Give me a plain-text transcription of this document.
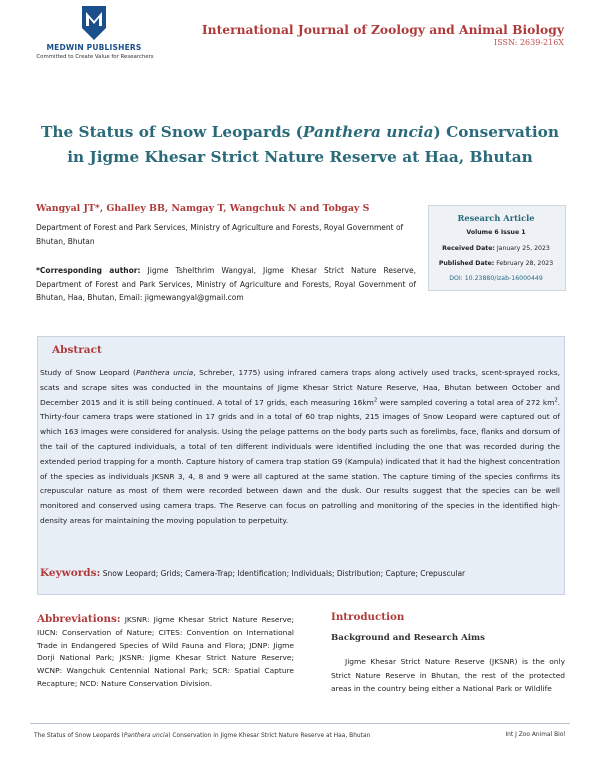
MEDWIN PUBLISHERS
Committed to Create Value for Researchers
International Journal of Zoology and Animal Biology
ISSN: 2639-216X
The Status of Snow Leopards (Panthera uncia) Conservation in Jigme Khesar Strict Nature Reserve at Haa, Bhutan
Wangyal JT*, Ghalley BB, Namgay T, Wangchuk N and Tobgay S
Department of Forest and Park Services, Ministry of Agriculture and Forests, Royal Government of Bhutan, Bhutan
*Corresponding author: Jigme Tshelthrim Wangyal, Jigme Khesar Strict Nature Reserve, Department of Forest and Park Services, Ministry of Agriculture and Forests, Royal Government of Bhutan, Haa, Bhutan, Email: jigmewangyal@gmail.com
Research Article
Volume 6 Issue 1
Received Date: January 25, 2023
Published Date: February 28, 2023
DOI: 10.23880/izab-16000449
Abstract
Study of Snow Leopard (Panthera uncia, Schreber, 1775) using infrared camera traps along actively used tracks, scent-sprayed rocks, scats and scrape sites was conducted in the mountains of Jigme Khesar Strict Nature Reserve, Haa, Bhutan between October and December 2015 and it is still being continued. A total of 17 grids, each measuring $16km^2$ were sampled covering a total area of 272 $km^2$. Thirty-four camera traps were stationed in 17 grids and in a total of 60 trap nights, 215 images of Snow Leopard were captured out of which 163 images were considered for analysis. Using the pelage patterns on the body parts such as forelimbs, face, flanks and dorsum of the tail of the captured individuals, a total of ten different individuals were identified including the one that was recorded during the extended period trapping for a month. Capture history of camera trap station G9 (Kampula) indicated that it had the highest concentration of the species as individuals JKSNR 3, 4, 8 and 9 were all captured at the same station. The capture timing of the species confirms its crepuscular nature as most of them were recorded between dawn and the dusk. Our results suggest that the species can be well monitored and conserved using camera traps. The Reserve can focus on patrolling and monitoring of the species in the identified high-density areas for maintaining the moving population to perpetuity.
Keywords: Snow Leopard; Grids; Camera-Trap; Identification; Individuals; Distribution; Capture; Crepuscular
Abbreviations: JKSNR: Jigme Khesar Strict Nature Reserve; IUCN: Conservation of Nature; CITES: Convention on International Trade in Endangered Species of Wild Fauna and Flora; JDNP: Jigme Dorji National Park; JKSNR: Jigme Khesar Strict Nature Reserve; WCNP: Wangchuk Centennial National Park; SCR: Spatial Capture Recapture; NCD: Nature Conservation Division.
Introduction
Background and Research Aims
Jigme Khesar Strict Nature Reserve (JKSNR) is the only Strict Nature Reserve in Bhutan, the rest of the protected areas in the country being either a National Park or Wildlife
The Status of Snow Leopards (Panthera uncia) Conservation in Jigme Khesar Strict Nature Reserve at Haa, Bhutan	Int J Zoo Animal Biol
